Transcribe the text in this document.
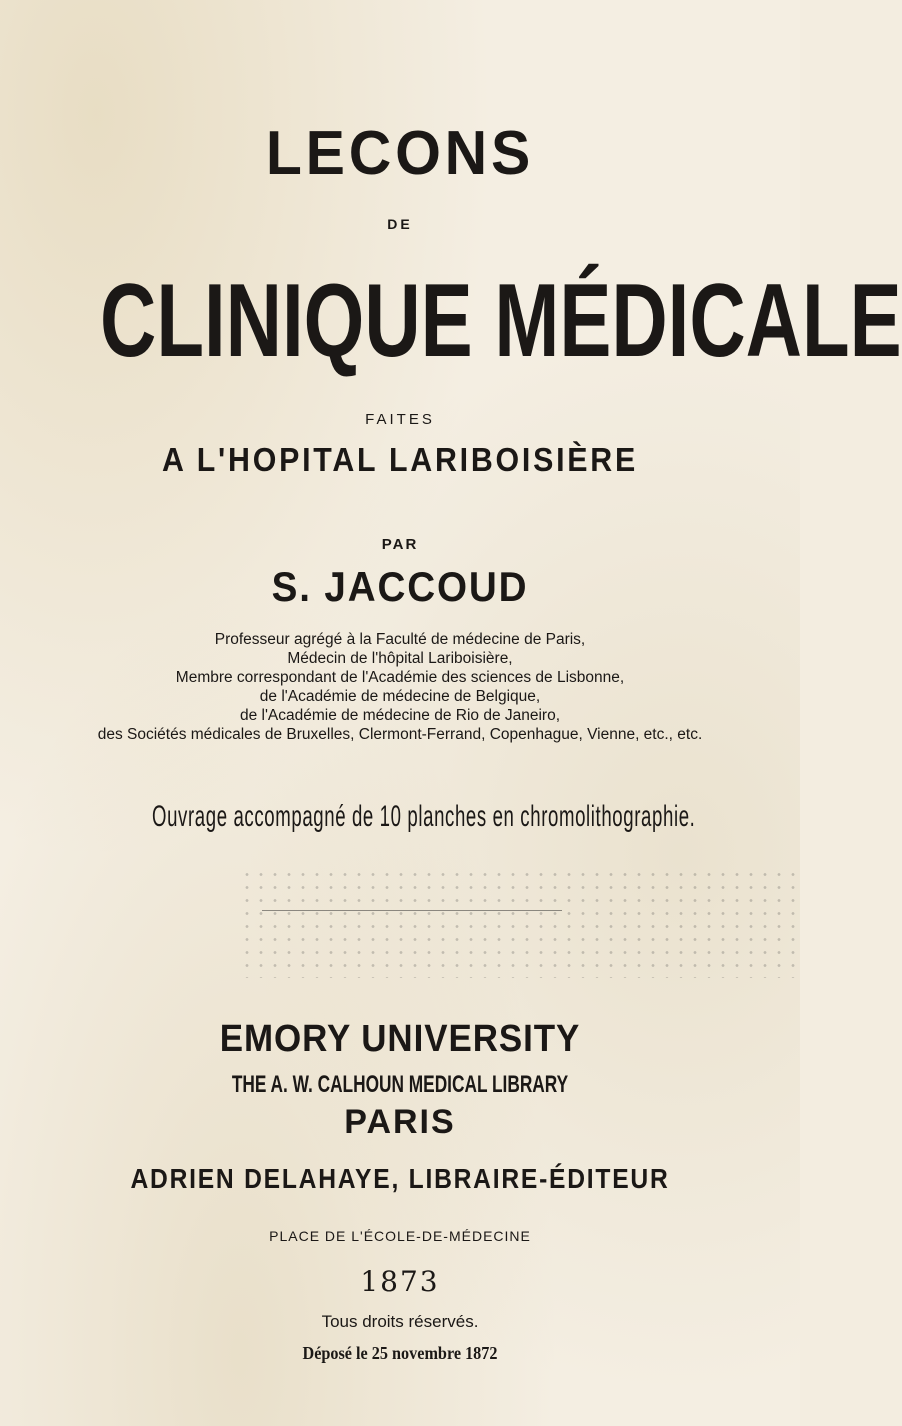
LECONS
DE
CLINIQUE MÉDICALE
FAITES
A L'HOPITAL LARIBOISIÈRE
PAR
S. JACCOUD
Professeur agrégé à la Faculté de médecine de Paris,
Médecin de l'hôpital Lariboisière,
Membre correspondant de l'Académie des sciences de Lisbonne,
de l'Académie de médecine de Belgique,
de l'Académie de médecine de Rio de Janeiro,
des Sociétés médicales de Bruxelles, Clermont-Ferrand, Copenhague, Vienne, etc., etc.
Ouvrage accompagné de 10 planches en chromolithographie.
EMORY UNIVERSITY
THE A. W. CALHOUN MEDICAL LIBRARY
PARIS
ADRIEN DELAHAYE, LIBRAIRE-ÉDITEUR
PLACE DE L'ÉCOLE-DE-MÉDECINE
1873
Tous droits réservés.
Déposé le 25 novembre 1872
